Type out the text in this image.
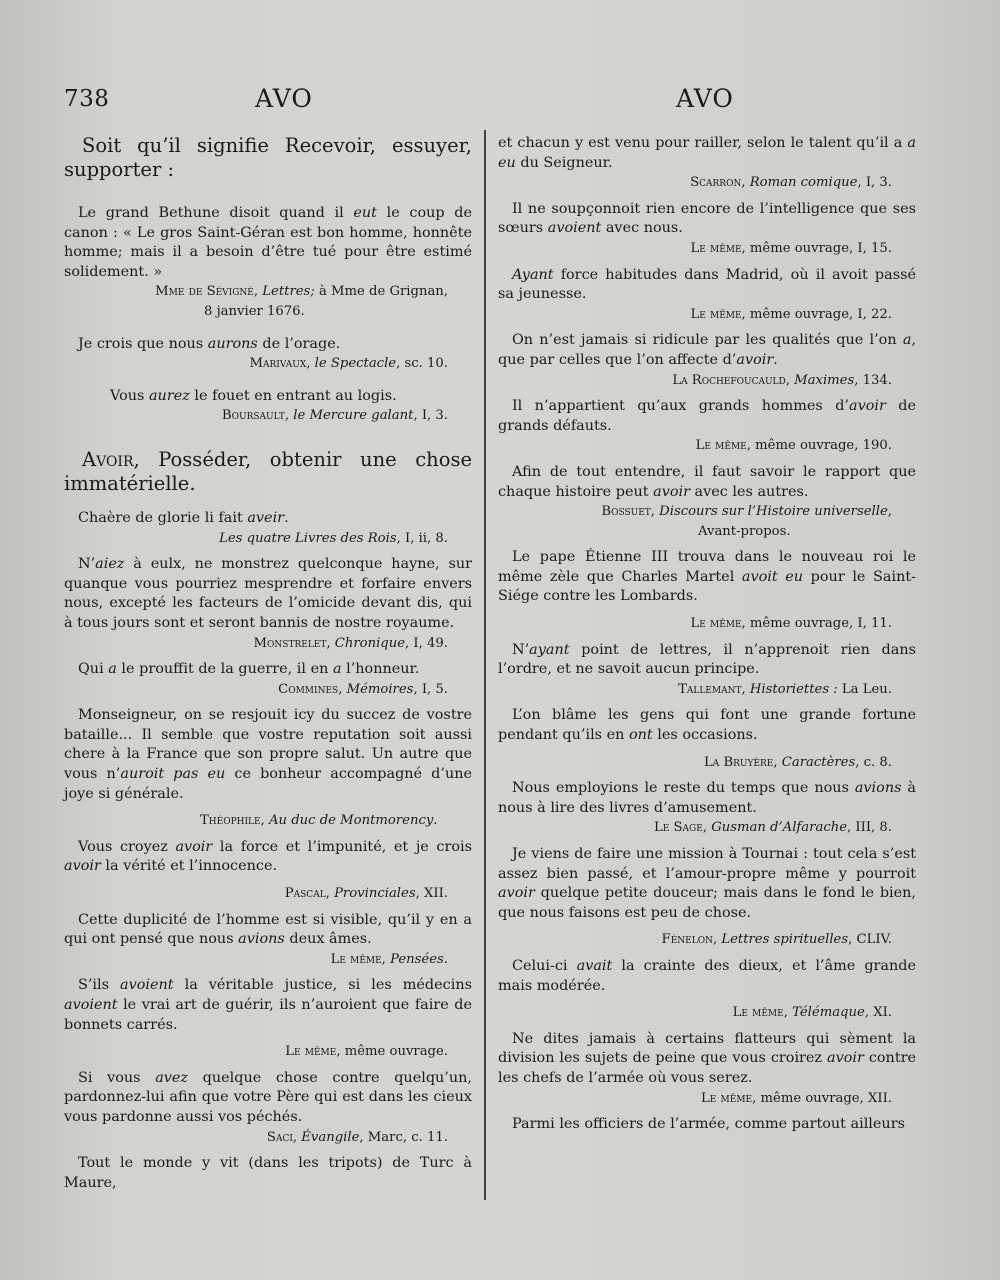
738	AVO	AVO

Soit qu’il signifie Recevoir, essuyer, supporter :

Le grand Bethune disoit quand il eut le coup de canon : « Le gros Saint-Géran est bon homme, honnête homme; mais il a besoin d’être tué pour être estimé solidement. »

Mme de Sévigné, Lettres; à Mme de Grignan,

8 janvier 1676.

Je crois que nous aurons de l’orage.

Marivaux, le Spectacle, sc. 10.

Vous aurez le fouet en entrant au logis.

Boursault, le Mercure galant, I, 3.

Avoir, Posséder, obtenir une chose immatérielle.

Chaère de glorie li fait aveir.

Les quatre Livres des Rois, I, ii, 8.

N’aiez à eulx, ne monstrez quelconque hayne, sur quanque vous pourriez mesprendre et forfaire envers nous, excepté les facteurs de l’omicide devant dis, qui à tous jours sont et seront bannis de nostre royaume.

Monstrelet, Chronique, I, 49.

Qui a le prouffit de la guerre, il en a l’honneur.

Commines, Mémoires, I, 5.

Monseigneur, on se resjouit icy du succez de vostre bataille... Il semble que vostre reputation soit aussi chere à la France que son propre salut. Un autre que vous n’auroit pas eu ce bonheur accompagné d’une joye si générale.

Théophile, Au duc de Montmorency.

Vous croyez avoir la force et l’impunité, et je crois avoir la vérité et l’innocence.

Pascal, Provinciales, XII.

Cette duplicité de l’homme est si visible, qu’il y en a qui ont pensé que nous avions deux âmes.

Le même, Pensées.

S’ils avoient la véritable justice, si les médecins avoient le vrai art de guérir, ils n’auroient que faire de bonnets carrés.

Le même, même ouvrage.

Si vous avez quelque chose contre quelqu’un, pardonnez-lui afin que votre Père qui est dans les cieux vous pardonne aussi vos péchés.

Saci, Évangile, Marc, c. 11.

Tout le monde y vit (dans les tripots) de Turc à Maure,

et chacun y est venu pour railler, selon le talent qu’il a a eu du Seigneur.

Scarron, Roman comique, I, 3.

Il ne soupçonnoit rien encore de l’intelligence que ses sœurs avoient avec nous.

Le même, même ouvrage, I, 15.

Ayant force habitudes dans Madrid, où il avoit passé sa jeunesse.

Le même, même ouvrage, I, 22.

On n’est jamais si ridicule par les qualités que l’on a, que par celles que l’on affecte d’avoir.

La Rochefoucauld, Maximes, 134.

Il n’appartient qu’aux grands hommes d’avoir de grands défauts.

Le même, même ouvrage, 190.

Afin de tout entendre, il faut savoir le rapport que chaque histoire peut avoir avec les autres.

Bossuet, Discours sur l’Histoire universelle,

Avant-propos.

Le pape Étienne III trouva dans le nouveau roi le même zèle que Charles Martel avoit eu pour le Saint-Siége contre les Lombards.

Le même, même ouvrage, I, 11.

N’ayant point de lettres, il n’apprenoit rien dans l’ordre, et ne savoit aucun principe.

Tallemant, Historiettes : La Leu.

L’on blâme les gens qui font une grande fortune pendant qu’ils en ont les occasions.

La Bruyère, Caractères, c. 8.

Nous employions le reste du temps que nous avions à nous à lire des livres d’amusement.

Le Sage, Gusman d’Alfarache, III, 8.

Je viens de faire une mission à Tournai : tout cela s’est assez bien passé, et l’amour-propre même y pourroit avoir quelque petite douceur; mais dans le fond le bien, que nous faisons est peu de chose.

Fénelon, Lettres spirituelles, CLIV.

Celui-ci avait la crainte des dieux, et l’âme grande mais modérée.

Le même, Télémaque, XI.

Ne dites jamais à certains flatteurs qui sèment la division les sujets de peine que vous croirez avoir contre les chefs de l’armée où vous serez.

Le même, même ouvrage, XII.

Parmi les officiers de l’armée, comme partout ailleurs
